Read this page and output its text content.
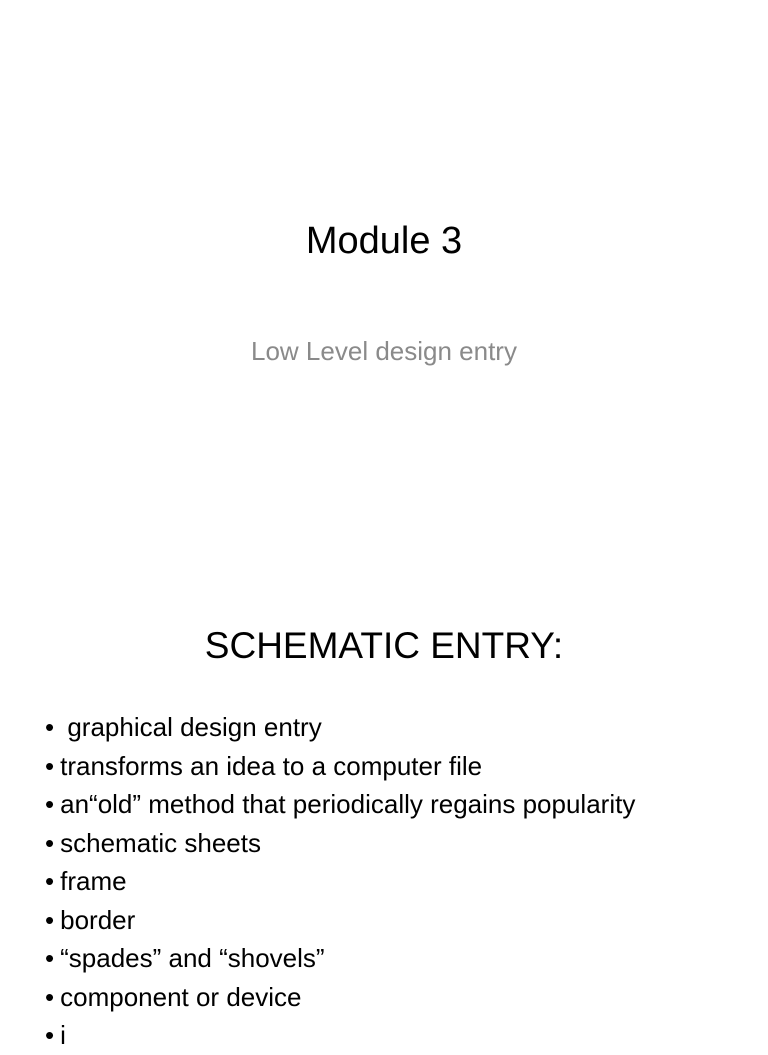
Module 3
Low Level design entry
SCHEMATIC ENTRY:
• graphical design entry
• transforms an idea to a computer file
• an“old” method that periodically regains popularity
• schematic sheets
• frame
• border
• “spades” and “shovels”
• component or device
• i
